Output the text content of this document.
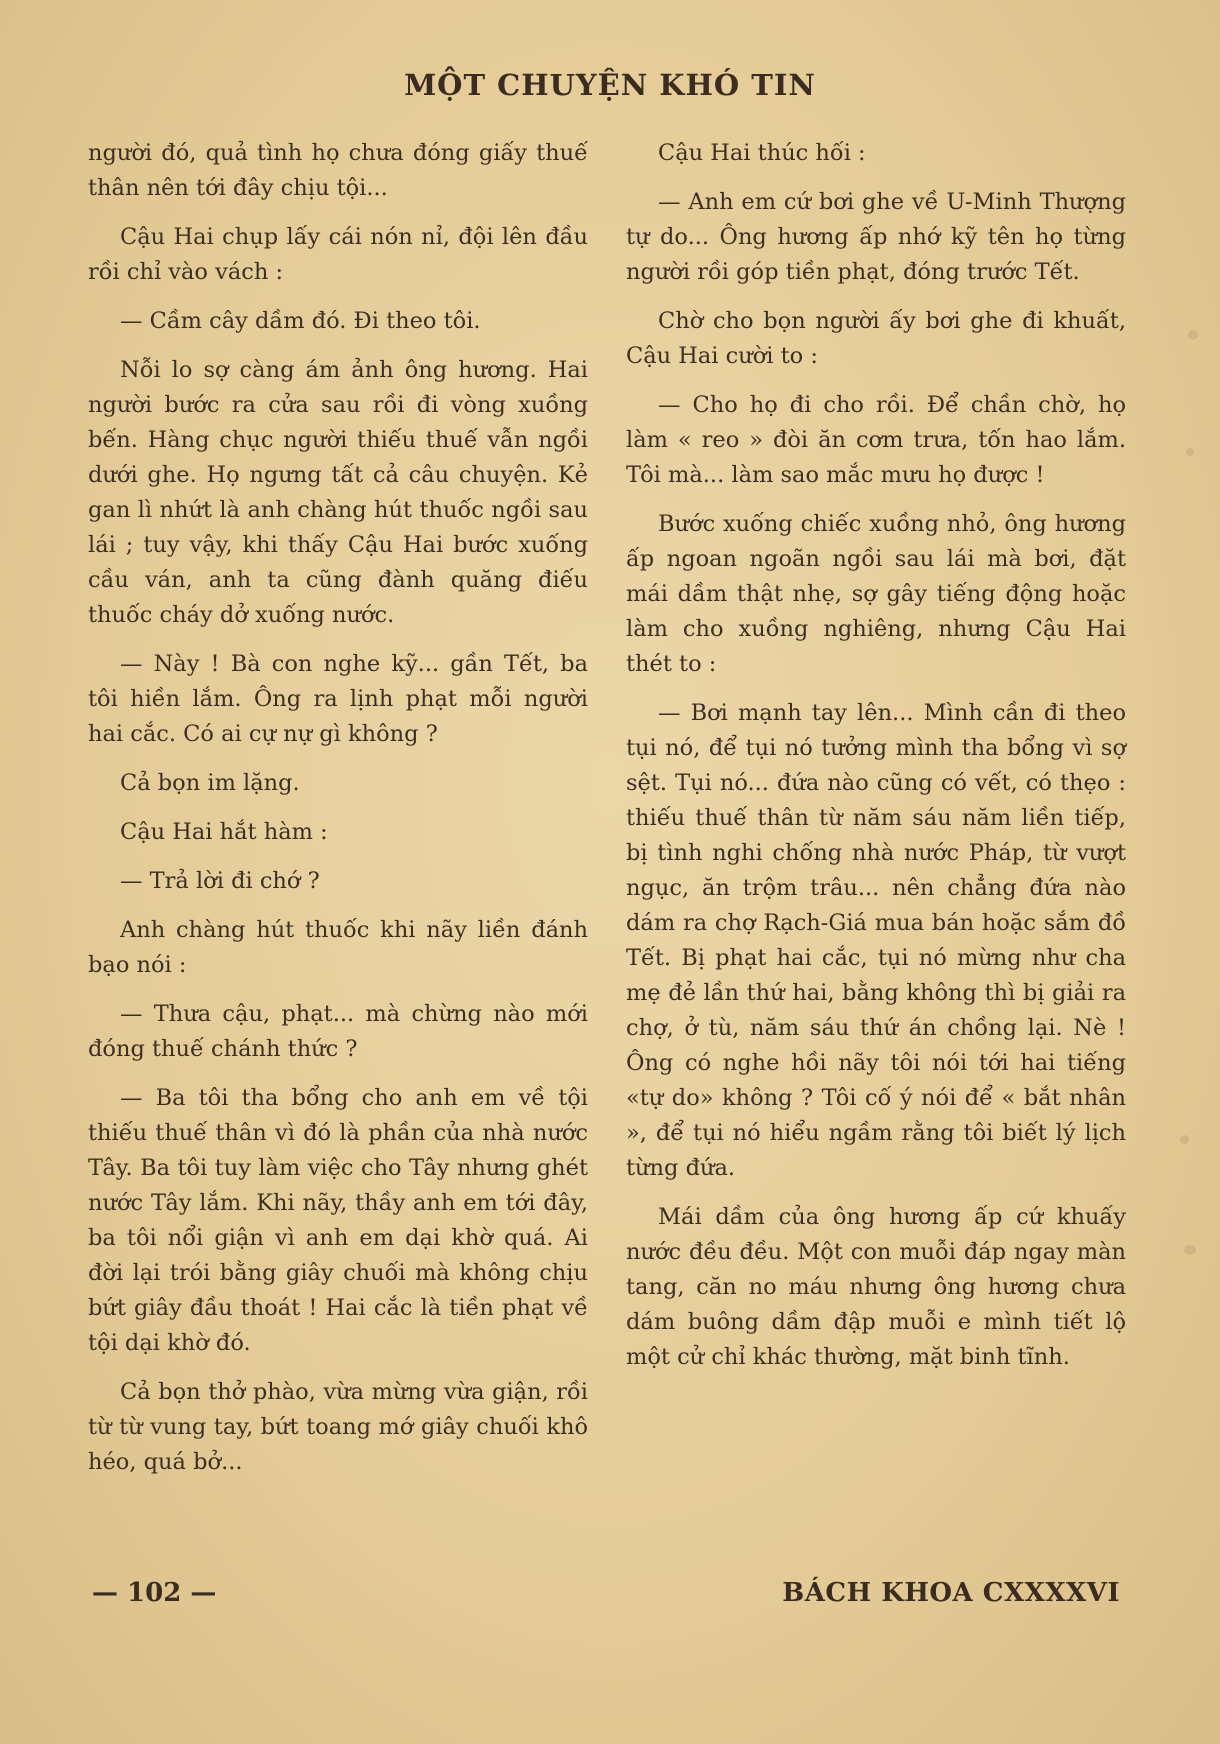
MỘT CHUYỆN KHÓ TIN

người đó, quả tình họ chưa đóng giấy thuế thân nên tới đây chịu tội...

Cậu Hai chụp lấy cái nón nỉ, đội lên đầu rồi chỉ vào vách :

— Cầm cây dầm đó. Đi theo tôi.

Nỗi lo sợ càng ám ảnh ông hương. Hai người bước ra cửa sau rồi đi vòng xuồng bến. Hàng chục người thiếu thuế vẫn ngồi dưới ghe. Họ ngưng tất cả câu chuyện. Kẻ gan lì nhứt là anh chàng hút thuốc ngồi sau lái ; tuy vậy, khi thấy Cậu Hai bước xuống cầu ván, anh ta cũng đành quăng điếu thuốc cháy dở xuống nước.

— Này ! Bà con nghe kỹ... gần Tết, ba tôi hiền lắm. Ông ra lịnh phạt mỗi người hai cắc. Có ai cự nự gì không ?

Cả bọn im lặng.

Cậu Hai hắt hàm :

— Trả lời đi chớ ?

Anh chàng hút thuốc khi nãy liền đánh bạo nói :

— Thưa cậu, phạt... mà chừng nào mới đóng thuế chánh thức ?

— Ba tôi tha bổng cho anh em về tội thiếu thuế thân vì đó là phần của nhà nước Tây. Ba tôi tuy làm việc cho Tây nhưng ghét nước Tây lắm. Khi nãy, thầy anh em tới đây, ba tôi nổi giận vì anh em dại khờ quá. Ai đời lại trói bằng giây chuối mà không chịu bứt giây đầu thoát ! Hai cắc là tiền phạt về tội dại khờ đó.

Cả bọn thở phào, vừa mừng vừa giận, rồi từ từ vung tay, bứt toang mớ giây chuối khô héo, quá bở...

Cậu Hai thúc hối :

— Anh em cứ bơi ghe về U-Minh Thượng tự do... Ông hương ấp nhớ kỹ tên họ từng người rồi góp tiền phạt, đóng trước Tết.

Chờ cho bọn người ấy bơi ghe đi khuất, Cậu Hai cười to :

— Cho họ đi cho rồi. Để chần chờ, họ làm « reo » đòi ăn cơm trưa, tốn hao lắm. Tôi mà... làm sao mắc mưu họ được !

Bước xuống chiếc xuồng nhỏ, ông hương ấp ngoan ngoãn ngồi sau lái mà bơi, đặt mái dầm thật nhẹ, sợ gây tiếng động hoặc làm cho xuồng nghiêng, nhưng Cậu Hai thét to :

— Bơi mạnh tay lên... Mình cần đi theo tụi nó, để tụi nó tưởng mình tha bổng vì sợ sệt. Tụi nó... đứa nào cũng có vết, có thẹo : thiếu thuế thân từ năm sáu năm liền tiếp, bị tình nghi chống nhà nước Pháp, từ vượt ngục, ăn trộm trâu... nên chẳng đứa nào dám ra chợ Rạch-Giá mua bán hoặc sắm đồ Tết. Bị phạt hai cắc, tụi nó mừng như cha mẹ đẻ lần thứ hai, bằng không thì bị giải ra chợ, ở tù, năm sáu thứ án chồng lại. Nè ! Ông có nghe hồi nãy tôi nói tới hai tiếng «tự do» không ? Tôi cố ý nói để « bắt nhân », để tụi nó hiểu ngầm rằng tôi biết lý lịch từng đứa.

Mái dầm của ông hương ấp cứ khuấy nước đều đều. Một con muỗi đáp ngay màn tang, căn no máu nhưng ông hương chưa dám buông dầm đập muỗi e mình tiết lộ một cử chỉ khác thường, mặt binh tĩnh.

— 102 —	BÁCH KHOA CXXXXVI
